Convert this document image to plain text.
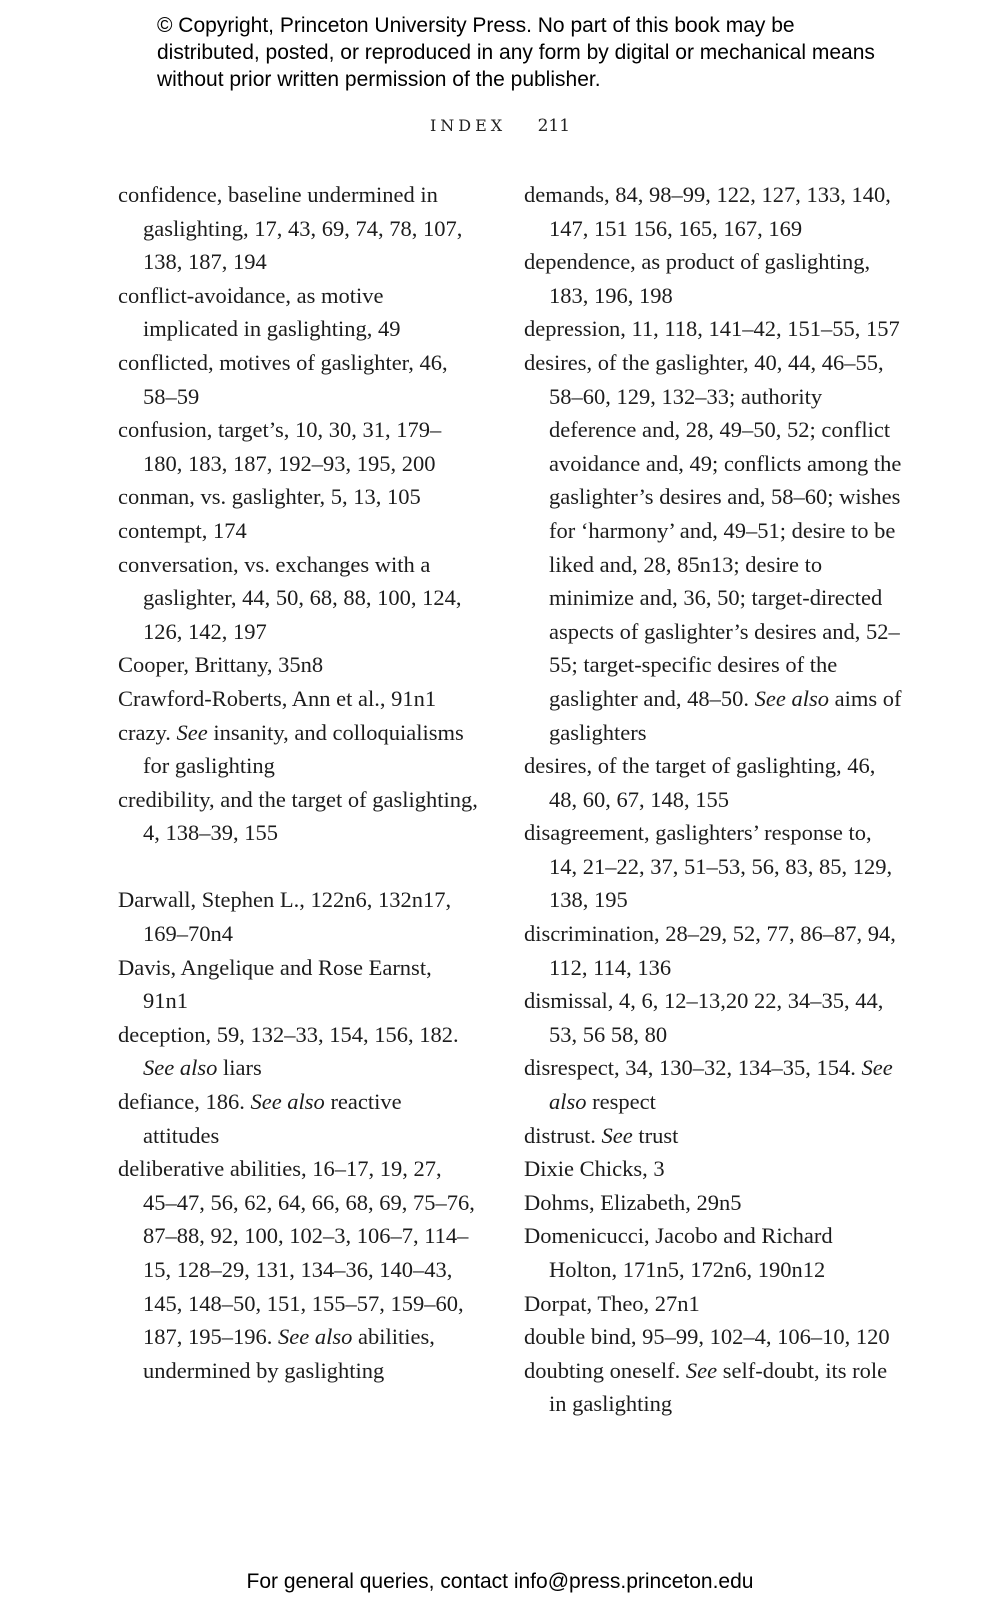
© Copyright, Princeton University Press. No part of this book may be distributed, posted, or reproduced in any form by digital or mechanical means without prior written permission of the publisher.
INDEX 211

confidence, baseline undermined in gaslighting, 17, 43, 69, 74, 78, 107, 138, 187, 194

conflict-avoidance, as motive implicated in gaslighting, 49

conflicted, motives of gaslighter, 46, 58–59

confusion, target’s, 10, 30, 31, 179–180, 183, 187, 192–93, 195, 200

conman, vs. gaslighter, 5, 13, 105

contempt, 174

conversation, vs. exchanges with a gaslighter, 44, 50, 68, 88, 100, 124, 126, 142, 197

Cooper, Brittany, 35n8

Crawford-Roberts, Ann et al., 91n1

crazy. See insanity, and colloquialisms for gaslighting

credibility, and the target of gaslighting, 4, 138–39, 155

Darwall, Stephen L., 122n6, 132n17, 169–70n4

Davis, Angelique and Rose Earnst, 91n1

deception, 59, 132–33, 154, 156, 182. See also liars

defiance, 186. See also reactive attitudes

deliberative abilities, 16–17, 19, 27, 45–47, 56, 62, 64, 66, 68, 69, 75–76, 87–88, 92, 100, 102–3, 106–7, 114–15, 128–29, 131, 134–36, 140–43, 145, 148–50, 151, 155–57, 159–60, 187, 195–196. See also abilities, undermined by gaslighting

demands, 84, 98–99, 122, 127, 133, 140, 147, 151 156, 165, 167, 169

dependence, as product of gaslighting, 183, 196, 198

depression, 11, 118, 141–42, 151–55, 157

desires, of the gaslighter, 40, 44, 46–55, 58–60, 129, 132–33; authority deference and, 28, 49–50, 52; conflict avoidance and, 49; conflicts among the gaslighter’s desires and, 58–60; wishes for ‘harmony’ and, 49–51; desire to be liked and, 28, 85n13; desire to minimize and, 36, 50; target-directed aspects of gaslighter’s desires and, 52–55; target-specific desires of the gaslighter and, 48–50. See also aims of gaslighters

desires, of the target of gaslighting, 46, 48, 60, 67, 148, 155

disagreement, gaslighters’ response to, 14, 21–22, 37, 51–53, 56, 83, 85, 129, 138, 195

discrimination, 28–29, 52, 77, 86–87, 94, 112, 114, 136

dismissal, 4, 6, 12–13,20 22, 34–35, 44, 53, 56 58, 80

disrespect, 34, 130–32, 134–35, 154. See also respect

distrust. See trust

Dixie Chicks, 3

Dohms, Elizabeth, 29n5

Domenicucci, Jacobo and Richard Holton, 171n5, 172n6, 190n12

Dorpat, Theo, 27n1

double bind, 95–99, 102–4, 106–10, 120

doubting oneself. See self-doubt, its role in gaslighting

For general queries, contact info@press.princeton.edu
